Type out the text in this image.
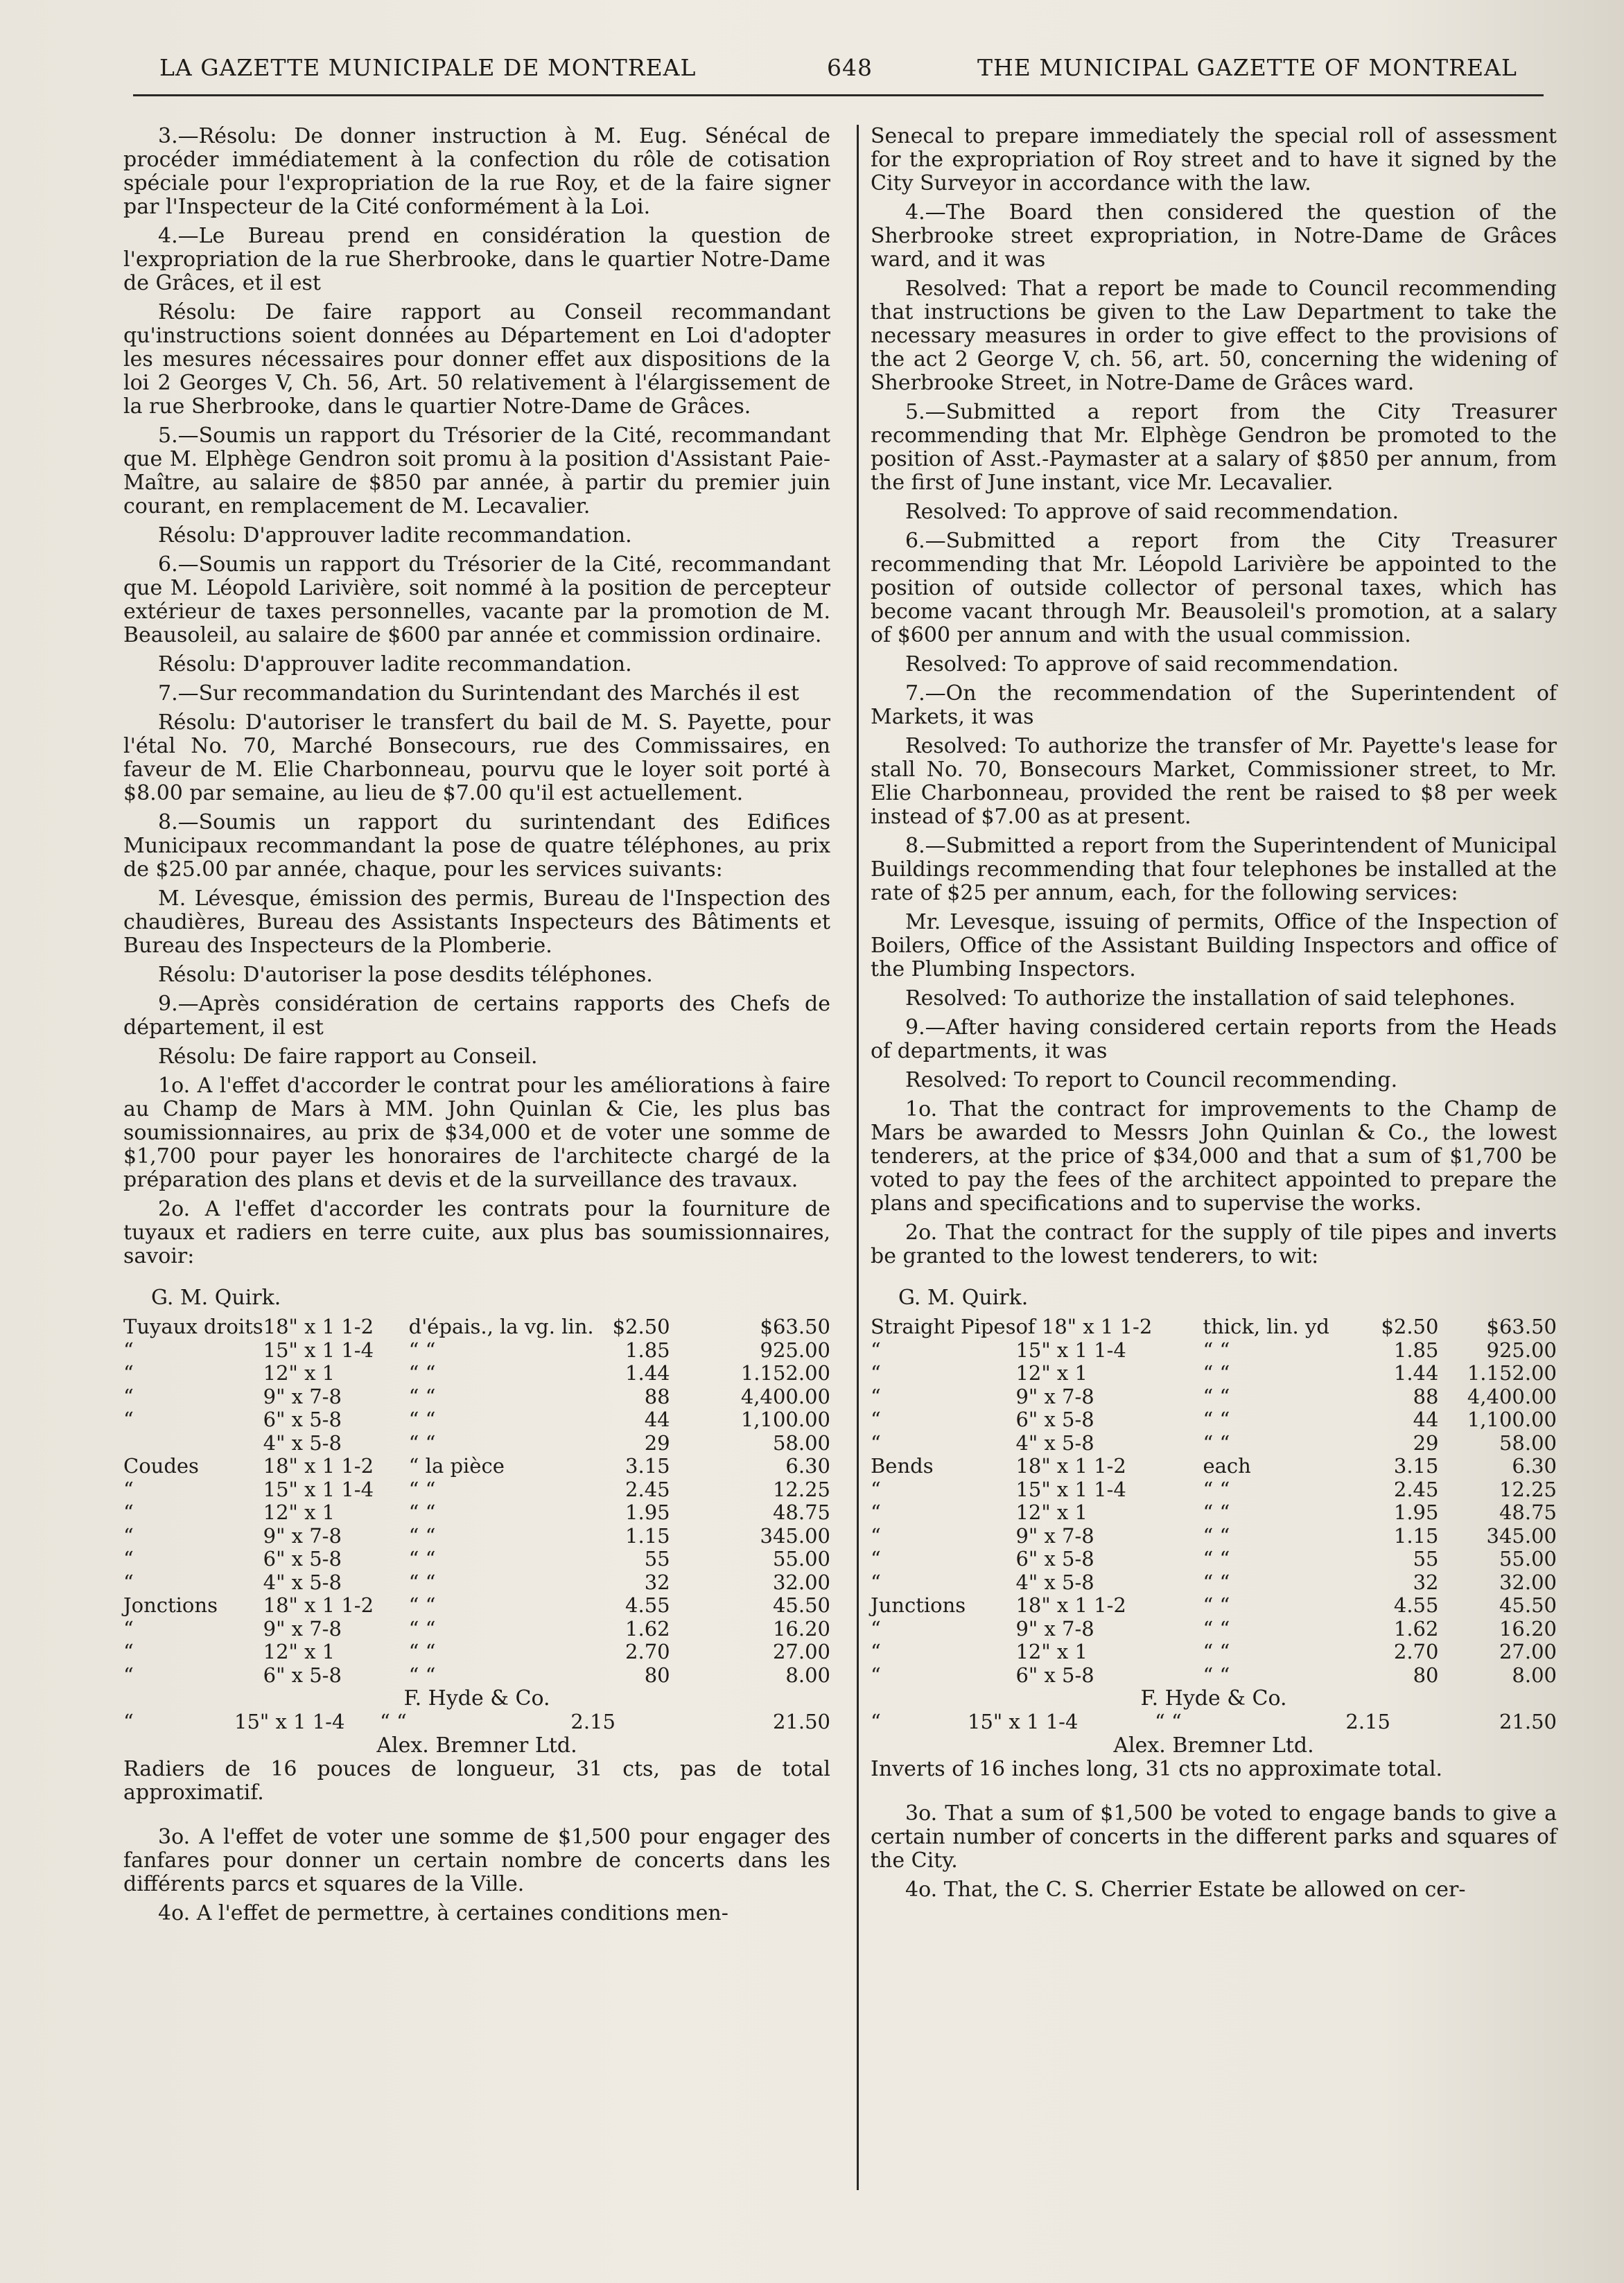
LA GAZETTE MUNICIPALE DE MONTREAL	648	THE MUNICIPAL GAZETTE OF MONTREAL

3.—Résolu: De donner instruction à M. Eug. Sénécal de procéder immédiatement à la confection du rôle de cotisation spéciale pour l'expropriation de la rue Roy, et de la faire signer par l'Inspecteur de la Cité conformément à la Loi.

4.—Le Bureau prend en considération la question de l'expropriation de la rue Sherbrooke, dans le quartier Notre-Dame de Grâces, et il est

Résolu: De faire rapport au Conseil recommandant qu'instructions soient données au Département en Loi d'adopter les mesures nécessaires pour donner effet aux dispositions de la loi 2 Georges V, Ch. 56, Art. 50 relativement à l'élargissement de la rue Sherbrooke, dans le quartier Notre-Dame de Grâces.

5.—Soumis un rapport du Trésorier de la Cité, recommandant que M. Elphège Gendron soit promu à la position d'Assistant Paie-Maître, au salaire de $850 par année, à partir du premier juin courant, en remplacement de M. Lecavalier.

Résolu: D'approuver ladite recommandation.

6.—Soumis un rapport du Trésorier de la Cité, recommandant que M. Léopold Larivière, soit nommé à la position de percepteur extérieur de taxes personnelles, vacante par la promotion de M. Beausoleil, au salaire de $600 par année et commission ordinaire.

Résolu: D'approuver ladite recommandation.

7.—Sur recommandation du Surintendant des Marchés il est

Résolu: D'autoriser le transfert du bail de M. S. Payette, pour l'étal No. 70, Marché Bonsecours, rue des Commissaires, en faveur de M. Elie Charbonneau, pourvu que le loyer soit porté à $8.00 par semaine, au lieu de $7.00 qu'il est actuellement.

8.—Soumis un rapport du surintendant des Edifices Municipaux recommandant la pose de quatre téléphones, au prix de $25.00 par année, chaque, pour les services suivants:

M. Lévesque, émission des permis, Bureau de l'Inspection des chaudières, Bureau des Assistants Inspecteurs des Bâtiments et Bureau des Inspecteurs de la Plomberie.

Résolu: D'autoriser la pose desdits téléphones.

9.—Après considération de certains rapports des Chefs de département, il est

Résolu: De faire rapport au Conseil.

1o. A l'effet d'accorder le contrat pour les améliorations à faire au Champ de Mars à MM. John Quinlan & Cie, les plus bas soumissionnaires, au prix de $34,000 et de voter une somme de $1,700 pour payer les honoraires de l'architecte chargé de la préparation des plans et devis et de la surveillance des travaux.

2o. A l'effet d'accorder les contrats pour la fourniture de tuyaux et radiers en terre cuite, aux plus bas soumissionnaires, savoir:

G. M. Quirk.

Tuyaux droits	18" x 1 1-2	d'épais., la vg. lin.	$2.50	$63.50
“	15" x 1 1-4	“ “	1.85	925.00
“	12" x 1	“ “	1.44	1.152.00
“	9" x 7-8	“ “	88	4,400.00
“	6" x 5-8	“ “	44	1,100.00
	4" x 5-8	“ “	29	58.00
Coudes	18" x 1 1-2	“ la pièce	3.15	6.30
“	15" x 1 1-4	“ “	2.45	12.25
“	12" x 1	“ “	1.95	48.75
“	9" x 7-8	“ “	1.15	345.00
“	6" x 5-8	“ “	55	55.00
“	4" x 5-8	“ “	32	32.00
Jonctions	18" x 1 1-2	“ “	4.55	45.50
“	9" x 7-8	“ “	1.62	16.20
“	12" x 1	“ “	2.70	27.00
“	6" x 5-8	“ “	80	8.00

F. Hyde & Co.

“	15" x 1 1-4	“ “	2.15	21.50

Alex. Bremner Ltd.

Radiers de 16 pouces de longueur, 31 cts, pas de total approximatif.

3o. A l'effet de voter une somme de $1,500 pour engager des fanfares pour donner un certain nombre de concerts dans les différents parcs et squares de la Ville.

4o. A l'effet de permettre, à certaines conditions men-

Senecal to prepare immediately the special roll of assessment for the expropriation of Roy street and to have it signed by the City Surveyor in accordance with the law.

4.—The Board then considered the question of the Sherbrooke street expropriation, in Notre-Dame de Grâces ward, and it was

Resolved: That a report be made to Council recommending that instructions be given to the Law Department to take the necessary measures in order to give effect to the provisions of the act 2 George V, ch. 56, art. 50, concerning the widening of Sherbrooke Street, in Notre-Dame de Grâces ward.

5.—Submitted a report from the City Treasurer recommending that Mr. Elphège Gendron be promoted to the position of Asst.-Paymaster at a salary of $850 per annum, from the first of June instant, vice Mr. Lecavalier.

Resolved: To approve of said recommendation.

6.—Submitted a report from the City Treasurer recommending that Mr. Léopold Larivière be appointed to the position of outside collector of personal taxes, which has become vacant through Mr. Beausoleil's promotion, at a salary of $600 per annum and with the usual commission.

Resolved: To approve of said recommendation.

7.—On the recommendation of the Superintendent of Markets, it was

Resolved: To authorize the transfer of Mr. Payette's lease for stall No. 70, Bonsecours Market, Commissioner street, to Mr. Elie Charbonneau, provided the rent be raised to $8 per week instead of $7.00 as at present.

8.—Submitted a report from the Superintendent of Municipal Buildings recommending that four telephones be installed at the rate of $25 per annum, each, for the following services:

Mr. Levesque, issuing of permits, Office of the Inspection of Boilers, Office of the Assistant Building Inspectors and office of the Plumbing Inspectors.

Resolved: To authorize the installation of said telephones.

9.—After having considered certain reports from the Heads of departments, it was

Resolved: To report to Council recommending.

1o. That the contract for improvements to the Champ de Mars be awarded to Messrs John Quinlan & Co., the lowest tenderers, at the price of $34,000 and that a sum of $1,700 be voted to pay the fees of the architect appointed to prepare the plans and specifications and to supervise the works.

2o. That the contract for the supply of tile pipes and inverts be granted to the lowest tenderers, to wit:

G. M. Quirk.

Straight Pipes	of 18" x 1 1-2	thick, lin. yd	$2.50	$63.50
“	15" x 1 1-4	“ “	1.85	925.00
“	12" x 1	“ “	1.44	1.152.00
“	9" x 7-8	“ “	88	4,400.00
“	6" x 5-8	“ “	44	1,100.00
“	4" x 5-8	“ “	29	58.00
Bends	18" x 1 1-2	each	3.15	6.30
“	15" x 1 1-4	“ “	2.45	12.25
“	12" x 1	“ “	1.95	48.75
“	9" x 7-8	“ “	1.15	345.00
“	6" x 5-8	“ “	55	55.00
“	4" x 5-8	“ “	32	32.00
Junctions	18" x 1 1-2	“ “	4.55	45.50
“	9" x 7-8	“ “	1.62	16.20
“	12" x 1	“ “	2.70	27.00
“	6" x 5-8	“ “	80	8.00

F. Hyde & Co.

“	15" x 1 1-4	“ “	2.15	21.50

Alex. Bremner Ltd.

Inverts of 16 inches long, 31 cts no approximate total.

3o. That a sum of $1,500 be voted to engage bands to give a certain number of concerts in the different parks and squares of the City.

4o. That, the C. S. Cherrier Estate be allowed on cer-
